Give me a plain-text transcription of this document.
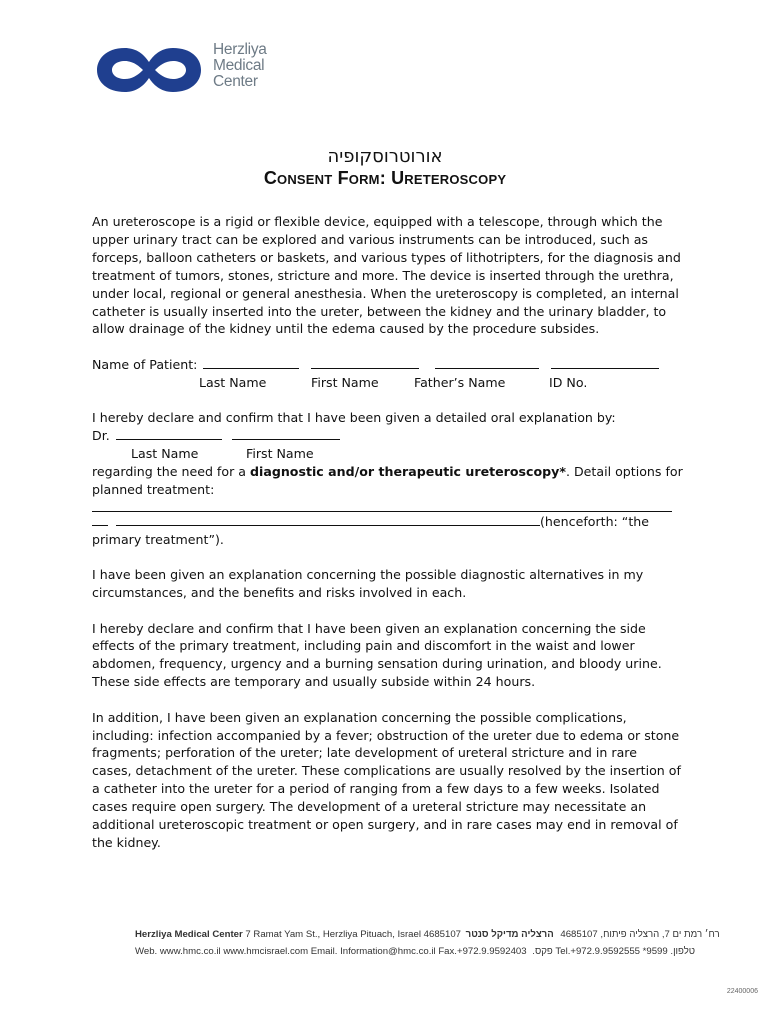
Herzliya
Medical
Center
אורוטרוסקופיה
Consent Form: Ureteroscopy
An ureteroscope is a rigid or flexible device, equipped with a telescope, through which the
upper urinary tract can be explored and various instruments can be introduced, such as
forceps, balloon catheters or baskets, and various types of lithotripters, for the diagnosis and
treatment of tumors, stones, stricture and more. The device is inserted through the urethra,
under local, regional or general anesthesia. When the ureteroscopy is completed, an internal
catheter is usually inserted into the ureter, between the kidney and the urinary bladder, to
allow drainage of the kidney until the edema caused by the procedure subsides.
Name of Patient:
Last Name	First Name	Father’s Name	ID No.
I hereby declare and confirm that I have been given a detailed oral explanation by:
Dr.
Last Name	First Name
regarding the need for a diagnostic and/or therapeutic ureteroscopy*. Detail options for
planned treatment:
(henceforth: “the
primary treatment”).
I have been given an explanation concerning the possible diagnostic alternatives in my
circumstances, and the benefits and risks involved in each.
I hereby declare and confirm that I have been given an explanation concerning the side
effects of the primary treatment, including pain and discomfort in the waist and lower
abdomen, frequency, urgency and a burning sensation during urination, and bloody urine.
These side effects are temporary and usually subside within 24 hours.
In addition, I have been given an explanation concerning the possible complications,
including: infection accompanied by a fever; obstruction of the ureter due to edema or stone
fragments; perforation of the ureter; late development of ureteral stricture and in rare
cases, detachment of the ureter. These complications are usually resolved by the insertion of
a catheter into the ureter for a period of ranging from a few days to a few weeks. Isolated
cases require open surgery. The development of a ureteral stricture may necessitate an
additional ureteroscopic treatment or open surgery, and in rare cases may end in removal of
the kidney.
Herzliya Medical Center 7 Ramat Yam St., Herzliya Pituach, Israel 4685107	רח׳ רמת ים 7, הרצליה פיתוח, 4685107 הרצליה מדיקל סנטר
Web. www.hmc.co.il www.hmcisrael.com Email. Information@hmc.co.il Fax.+972.9.9592403 .פקס Tel.+972.9.9592555 *9599 .טלפון
22400006
